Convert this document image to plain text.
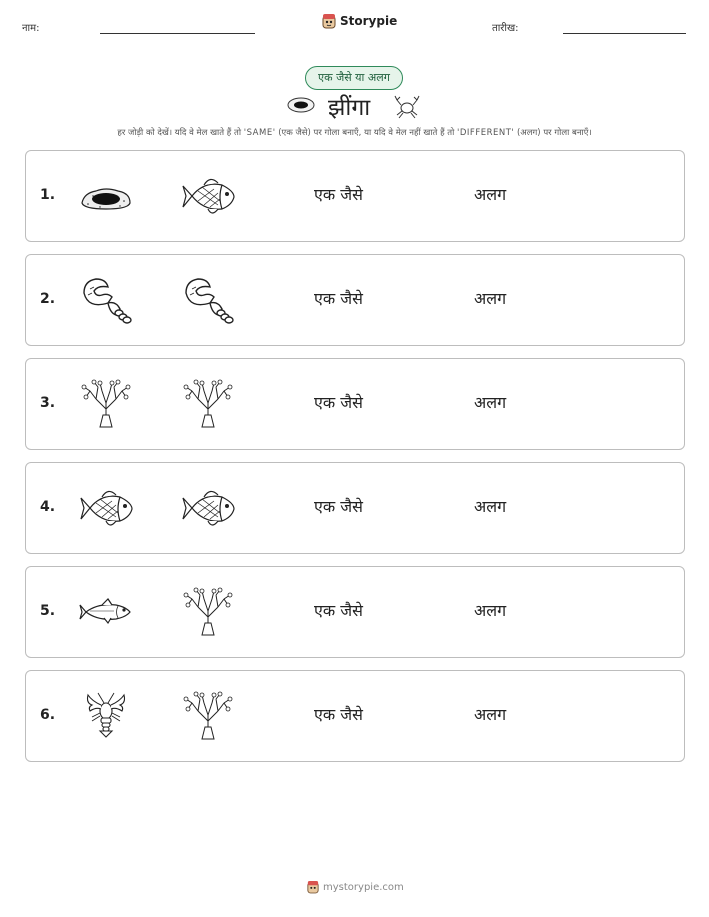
नाम:
Storypie
तारीख:
एक जैसे या अलग
झींगा
हर जोड़ी को देखें। यदि वे मेल खाते हैं तो 'SAME' (एक जैसे) पर गोला बनाएँ, या यदि वे मेल नहीं खाते हैं तो 'DIFFERENT' (अलग) पर गोला बनाएँ।
1.	एक जैसे	अलग
2.	एक जैसे	अलग
3.	एक जैसे	अलग
4.	एक जैसे	अलग
5.	एक जैसे	अलग
6.	एक जैसे	अलग
mystorypie.com
